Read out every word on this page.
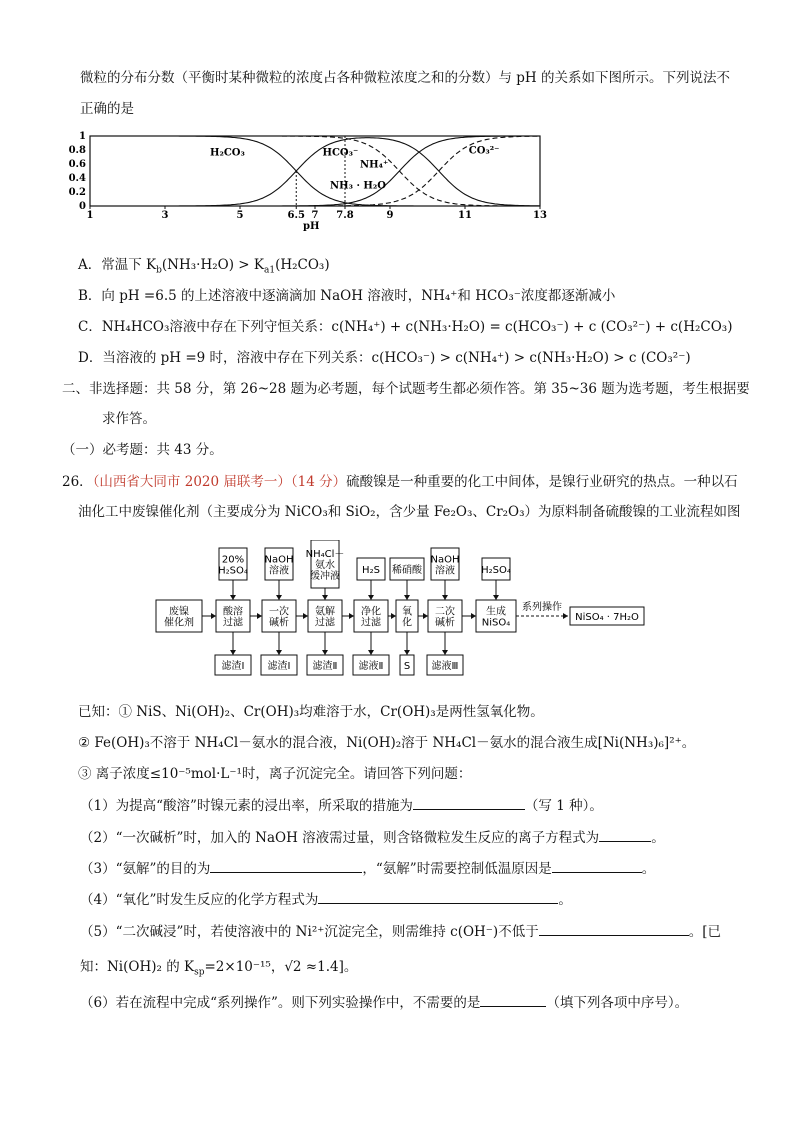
微粒的分布分数（平衡时某种微粒的浓度占各种微粒浓度之和的分数）与 pH 的关系如下图所示。下列说法不
正确的是
0
0.2
0.4
0.6
0.8
1
1	3	5	6.5 7 7.8	9	11	13
pH
H₂CO₃	HCO₃⁻
NH₄⁺
NH₃ · H₂O
CO₃²⁻
A．常温下 $K_b(NH_3\cdot H_2O) > K_{a1}(H_2CO_3)$
B．向 pH =6.5 的上述溶液中逐滴滴加 NaOH 溶液时，NH₄⁺和 HCO₃⁻浓度都逐渐减小
C．NH₄HCO₃溶液中存在下列守恒关系：c(NH₄⁺) + c(NH₃·H₂O) = c(HCO₃⁻) + c (CO₃²⁻) + c(H₂CO₃)
D．当溶液的 pH =9 时，溶液中存在下列关系：c(HCO₃⁻) > c(NH₄⁺) > c(NH₃·H₂O) > c (CO₃²⁻)
二、非选择题：共 58 分，第 26~28 题为必考题，每个试题考生都必须作答。第 35~36 题为选考题，考生根据要
求作答。
（一）必考题：共 43 分。
26．（山西省大同市 2020 届联考一）（14 分）硫酸镍是一种重要的化工中间体，是镍行业研究的热点。一种以石
油化工中废镍催化剂（主要成分为 NiCO₃和 SiO₂，含少量 Fe₂O₃、Cr₂O₃）为原料制备硫酸镍的工业流程如图
废镍
催化剂
酸溶
过滤
一次
碱析
氨解
过滤
净化
过滤
氧
化
二次
碱析
生成
NiSO₄
20%
H₂SO₄
NaOH
溶液
NH₄Cl－
氨水
缓冲液
H₂S 稀硝酸
NaOH
溶液	H₂SO₄
滤渣Ⅰ 滤渣Ⅰ 滤渣Ⅱ 滤液Ⅱ S 滤液Ⅲ
系列操作
NiSO₄ · 7H₂O
已知：① NiS、Ni(OH)₂、Cr(OH)₃均难溶于水，Cr(OH)₃是两性氢氧化物。
② Fe(OH)₃不溶于 NH₄Cl－氨水的混合液，Ni(OH)₂溶于 NH₄Cl－氨水的混合液生成[Ni(NH₃)₆]²⁺。
③ 离子浓度≤10⁻⁵mol·L⁻¹时，离子沉淀完全。请回答下列问题：
（1）为提高“酸溶”时镍元素的浸出率，所采取的措施为	（写 1 种）。
（2）“一次碱析”时，加入的 NaOH 溶液需过量，则含铬微粒发生反应的离子方程式为	。
（3）“氨解”的目的为	，“氨解”时需要控制低温原因是	。
（4）“氧化”时发生反应的化学方程式为	。
（5）“二次碱浸”时，若使溶液中的 Ni²⁺沉淀完全，则需维持 c(OH⁻)不低于	。[已
知：Ni(OH)₂ 的 $K_{sp}=2\times 10^{-15}$，√2 ≈1.4]。
（6）若在流程中完成“系列操作”。则下列实验操作中，不需要的是	（填下列各项中序号）。
